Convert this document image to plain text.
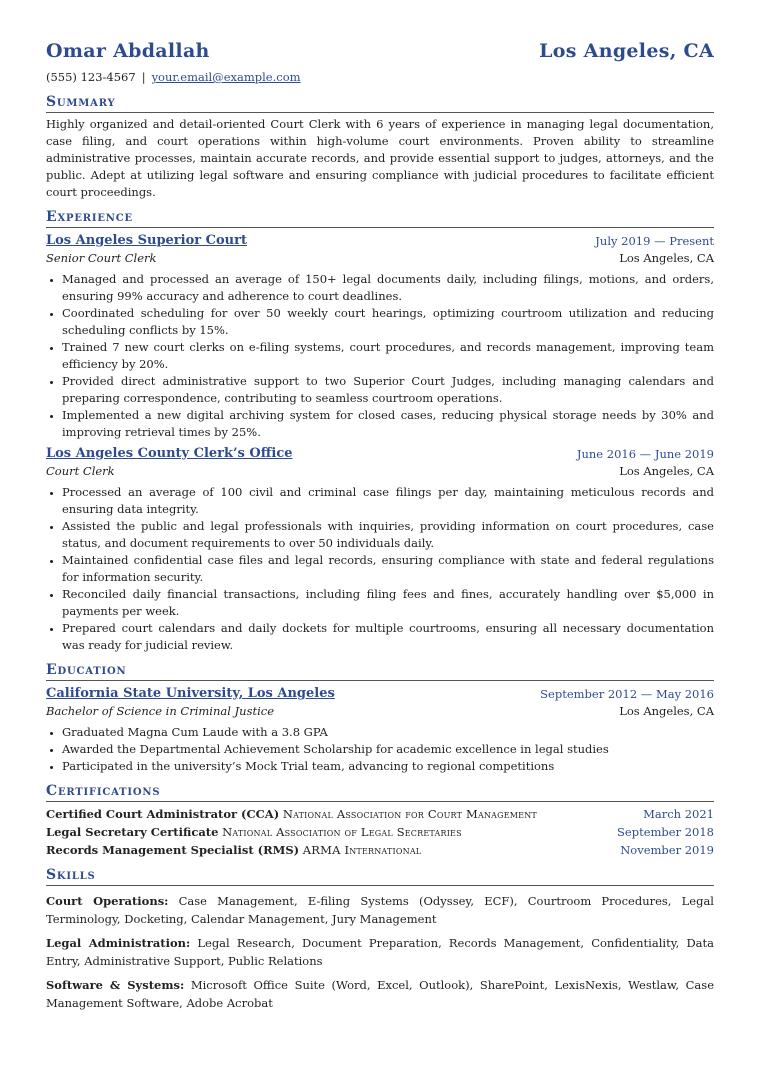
Omar Abdallah	Los Angeles, CA
(555) 123-4567 | your.email@example.com
Summary
Highly organized and detail-oriented Court Clerk with 6 years of experience in managing legal documentation, case filing, and court operations within high-volume court environments. Proven ability to streamline administrative processes, maintain accurate records, and provide essential support to judges, attorneys, and the public. Adept at utilizing legal software and ensuring compliance with judicial procedures to facilitate efficient court proceedings.
Experience
Los Angeles Superior Court	July 2019 — Present
Senior Court Clerk	Los Angeles, CA
• Managed and processed an average of 150+ legal documents daily, including filings, motions, and orders, ensuring 99% accuracy and adherence to court deadlines.
• Coordinated scheduling for over 50 weekly court hearings, optimizing courtroom utilization and reducing scheduling conflicts by 15%.
• Trained 7 new court clerks on e-filing systems, court procedures, and records management, improving team efficiency by 20%.
• Provided direct administrative support to two Superior Court Judges, including managing calendars and preparing correspondence, contributing to seamless courtroom operations.
• Implemented a new digital archiving system for closed cases, reducing physical storage needs by 30% and improving retrieval times by 25%.
Los Angeles County Clerk’s Office	June 2016 — June 2019
Court Clerk	Los Angeles, CA
• Processed an average of 100 civil and criminal case filings per day, maintaining meticulous records and ensuring data integrity.
• Assisted the public and legal professionals with inquiries, providing information on court procedures, case status, and document requirements to over 50 individuals daily.
• Maintained confidential case files and legal records, ensuring compliance with state and federal regulations for information security.
• Reconciled daily financial transactions, including filing fees and fines, accurately handling over $5,000 in payments per week.
• Prepared court calendars and daily dockets for multiple courtrooms, ensuring all necessary documentation was ready for judicial review.
Education
California State University, Los Angeles	September 2012 — May 2016
Bachelor of Science in Criminal Justice	Los Angeles, CA
• Graduated Magna Cum Laude with a 3.8 GPA
• Awarded the Departmental Achievement Scholarship for academic excellence in legal studies
• Participated in the university’s Mock Trial team, advancing to regional competitions
Certifications
Certified Court Administrator (CCA) National Association for Court Management	March 2021
Legal Secretary Certificate National Association of Legal Secretaries	September 2018
Records Management Specialist (RMS) ARMA International	November 2019
Skills
Court Operations: Case Management, E-filing Systems (Odyssey, ECF), Courtroom Procedures, Legal Terminology, Docketing, Calendar Management, Jury Management
Legal Administration: Legal Research, Document Preparation, Records Management, Confidentiality, Data Entry, Administrative Support, Public Relations
Software & Systems: Microsoft Office Suite (Word, Excel, Outlook), SharePoint, LexisNexis, Westlaw, Case Management Software, Adobe Acrobat
